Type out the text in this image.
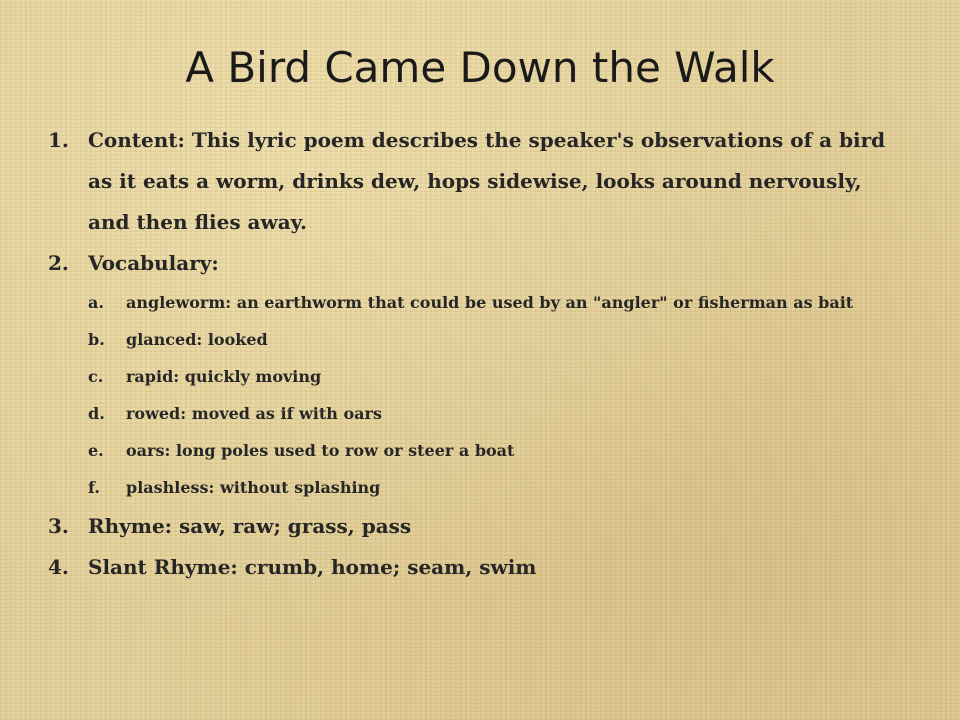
A Bird Came Down the Walk
1. Content: This lyric poem describes the speaker's observations of a bird as it eats a worm, drinks dew, hops sidewise, looks around nervously, and then flies away.
2. Vocabulary:
a. angleworm: an earthworm that could be used by an "angler" or fisherman as bait
b. glanced: looked
c. rapid: quickly moving
d. rowed: moved as if with oars
e. oars: long poles used to row or steer a boat
f. plashless: without splashing
3. Rhyme: saw, raw; grass, pass
4. Slant Rhyme: crumb, home; seam, swim
